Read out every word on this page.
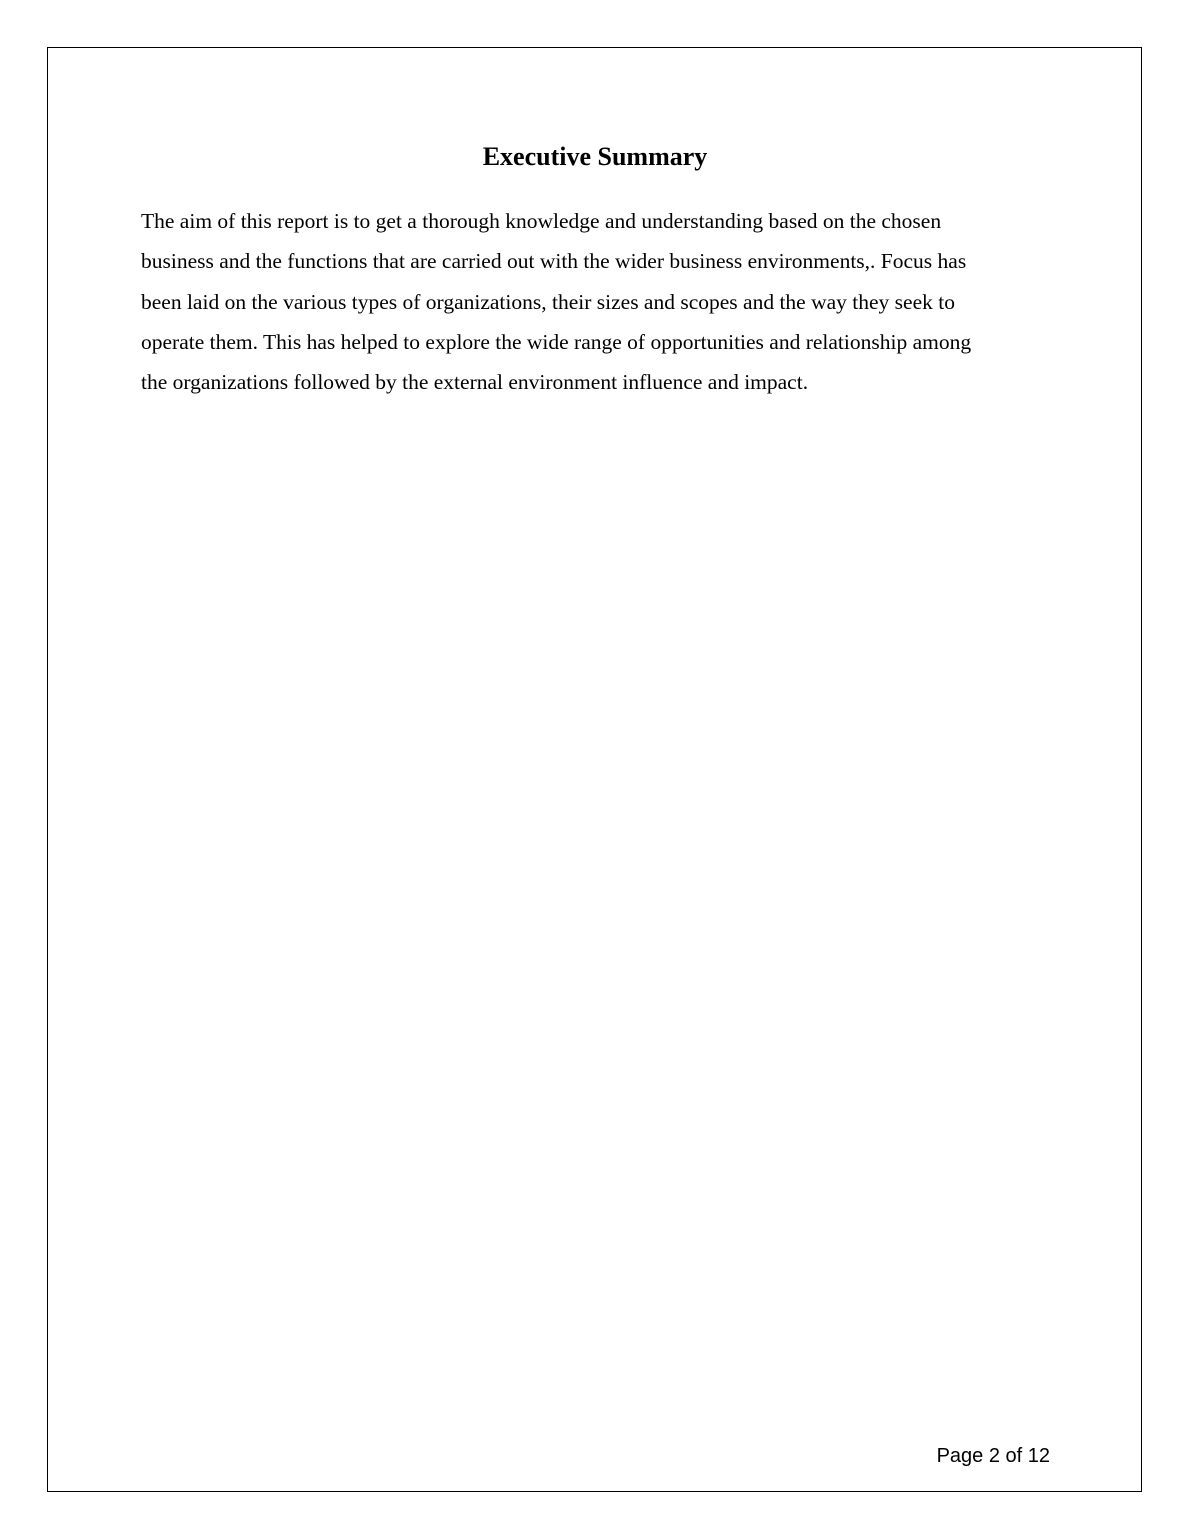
Executive Summary

The aim of this report is to get a thorough knowledge and understanding based on the chosen
business and the functions that are carried out with the wider business environments,. Focus has
been laid on the various types of organizations, their sizes and scopes and the way they seek to
operate them. This has helped to explore the wide range of opportunities and relationship among
the organizations followed by the external environment influence and impact.

Page 2 of 12
